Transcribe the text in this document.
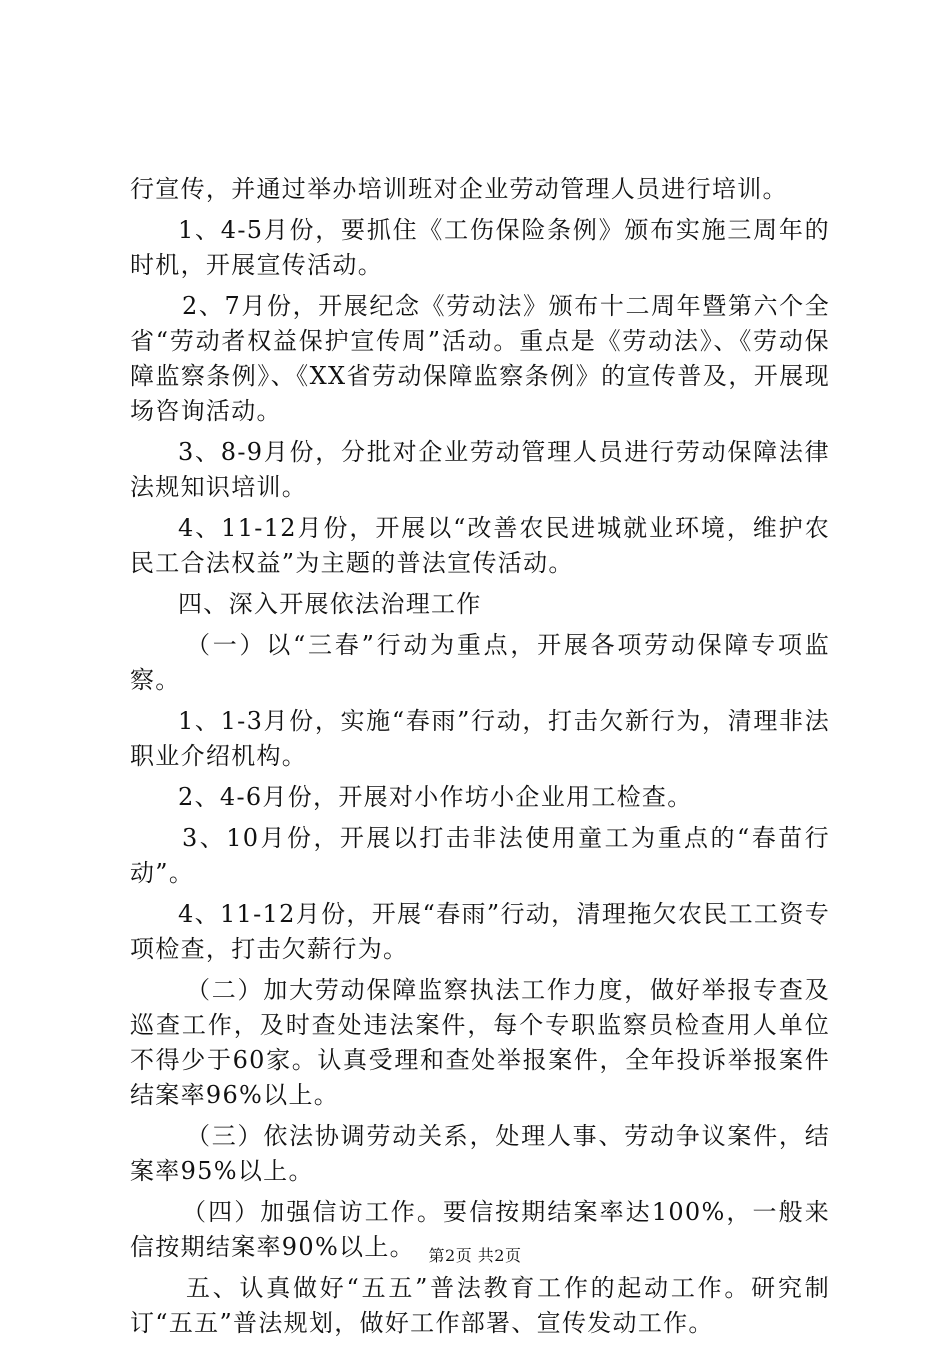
行宣传，并通过举办培训班对企业劳动管理人员进行培训。

1、4-5月份，要抓住《工伤保险条例》颁布实施三周年的时机，开展宣传活动。

2、7月份，开展纪念《劳动法》颁布十二周年暨第六个全省“劳动者权益保护宣传周”活动。重点是《劳动法》、《劳动保障监察条例》、《XX省劳动保障监察条例》的宣传普及，开展现场咨询活动。

3、8-9月份，分批对企业劳动管理人员进行劳动保障法律法规知识培训。

4、11-12月份，开展以“改善农民进城就业环境，维护农民工合法权益”为主题的普法宣传活动。

四、深入开展依法治理工作

（一）以“三春”行动为重点，开展各项劳动保障专项监察。

1、1-3月份，实施“春雨”行动，打击欠新行为，清理非法职业介绍机构。

2、4-6月份，开展对小作坊小企业用工检查。

3、10月份，开展以打击非法使用童工为重点的“春苗行动”。

4、11-12月份，开展“春雨”行动，清理拖欠农民工工资专项检查，打击欠薪行为。

（二）加大劳动保障监察执法工作力度，做好举报专查及巡查工作，及时查处违法案件，每个专职监察员检查用人单位不得少于60家。认真受理和查处举报案件，全年投诉举报案件结案率96%以上。

（三）依法协调劳动关系，处理人事、劳动争议案件，结案率95%以上。

（四）加强信访工作。要信按期结案率达100%，一般来信按期结案率90%以上。

五、认真做好“五五”普法教育工作的起动工作。研究制订“五五”普法规划，做好工作部署、宣传发动工作。

第2页 共2页
